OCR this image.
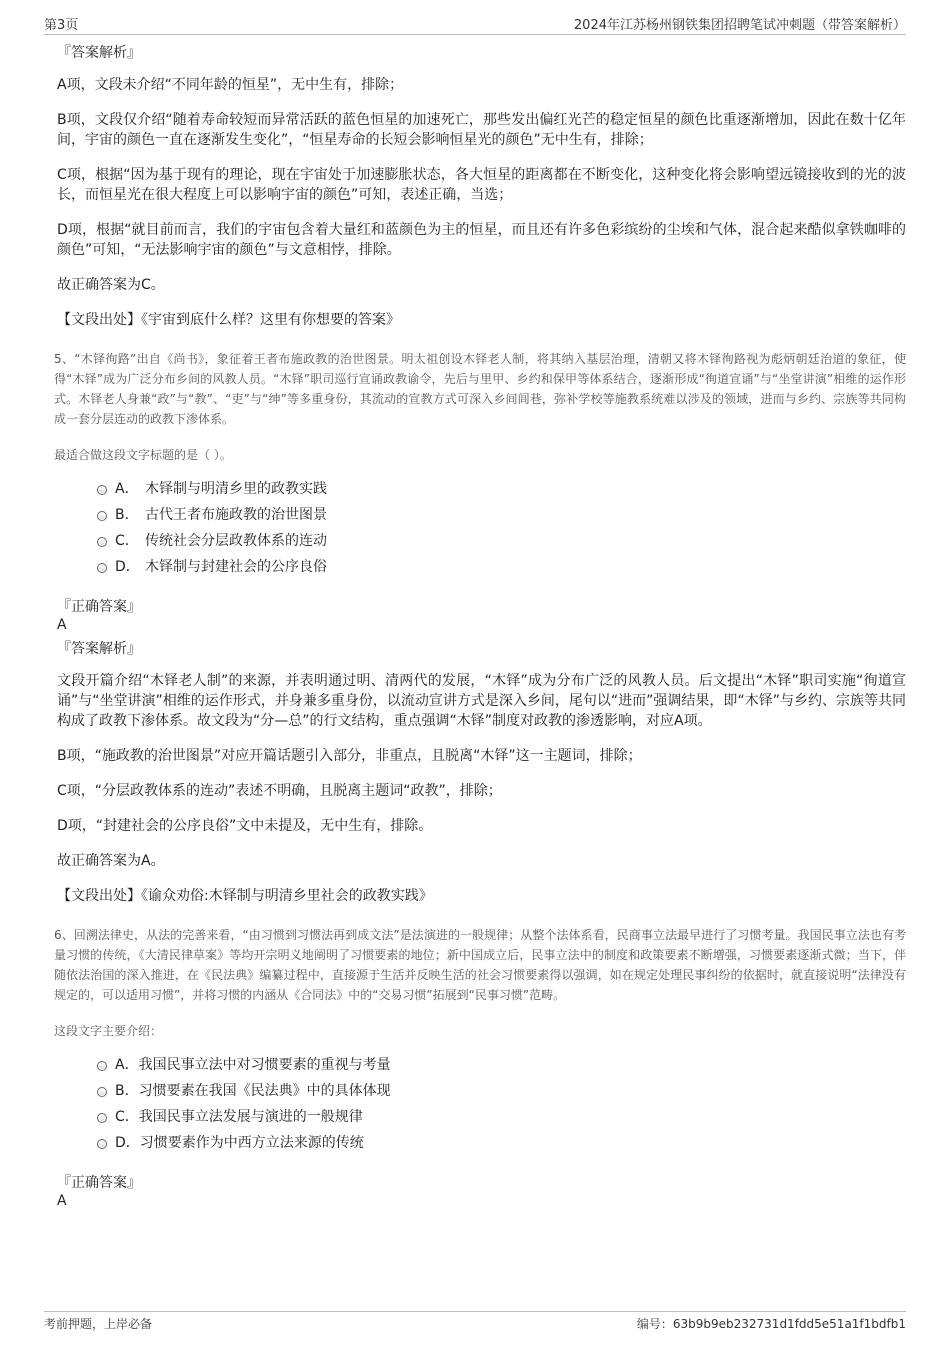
第3页	2024年江苏杨州钢铁集团招聘笔试冲刺题（带答案解析）

『答案解析』

A项，文段未介绍“不同年龄的恒星”，无中生有，排除；

B项，文段仅介绍“随着寿命较短而异常活跃的蓝色恒星的加速死亡，那些发出偏红光芒的稳定恒星的颜色比重逐渐增加，因此在数十亿年间，宇宙的颜色一直在逐渐发生变化”，“恒星寿命的长短会影响恒星光的颜色”无中生有，排除；

C项，根据“因为基于现有的理论，现在宇宙处于加速膨胀状态，各大恒星的距离都在不断变化，这种变化将会影响望远镜接收到的光的波长，而恒星光在很大程度上可以影响宇宙的颜色”可知，表述正确，当选；

D项，根据“就目前而言，我们的宇宙包含着大量红和蓝颜色为主的恒星，而且还有许多色彩缤纷的尘埃和气体，混合起来酷似拿铁咖啡的颜色”可知，“无法影响宇宙的颜色”与文意相悖，排除。

故正确答案为C。

【文段出处】《宇宙到底什么样？这里有你想要的答案》

5、“木铎徇路”出自《尚书》，象征着王者布施政教的治世图景。明太祖创设木铎老人制，将其纳入基层治理，清朝又将木铎徇路视为彪炳朝廷治道的象征，使得“木铎”成为广泛分布乡间的风教人员。“木铎”职司巡行宣诵政教谕令，先后与里甲、乡约和保甲等体系结合，逐渐形成“徇道宣诵”与“坐堂讲演”相维的运作形式。木铎老人身兼“政”与“教”、“吏”与“绅”等多重身份，其流动的宣教方式可深入乡间闾巷，弥补学校等施教系统难以涉及的领域，进而与乡约、宗族等共同构成一套分层连动的政教下渗体系。

最适合做这段文字标题的是（ ）。

A． 木铎制与明清乡里的政教实践
B． 古代王者布施政教的治世图景
C． 传统社会分层政教体系的连动
D． 木铎制与封建社会的公序良俗

『正确答案』

A

『答案解析』

文段开篇介绍“木铎老人制”的来源，并表明通过明、清两代的发展，“木铎”成为分布广泛的风教人员。后文提出“木铎”职司实施“徇道宣诵”与“坐堂讲演”相维的运作形式，并身兼多重身份，以流动宣讲方式是深入乡间，尾句以“进而”强调结果，即“木铎”与乡约、宗族等共同构成了政教下渗体系。故文段为“分—总”的行文结构，重点强调“木铎”制度对政教的渗透影响，对应A项。

B项，“施政教的治世图景”对应开篇话题引入部分，非重点，且脱离“木铎”这一主题词，排除；

C项，“分层政教体系的连动”表述不明确，且脱离主题词“政教”，排除；

D项，“封建社会的公序良俗”文中未提及，无中生有，排除。

故正确答案为A。

【文段出处】《谕众劝俗:木铎制与明清乡里社会的政教实践》

6、回溯法律史，从法的完善来看，“由习惯到习惯法再到成文法”是法演进的一般规律；从整个法体系看，民商事立法最早进行了习惯考量。我国民事立法也有考量习惯的传统，《大清民律草案》等均开宗明义地阐明了习惯要素的地位；新中国成立后，民事立法中的制度和政策要素不断增强，习惯要素逐渐式微；当下，伴随依法治国的深入推进，在《民法典》编纂过程中，直接源于生活并反映生活的社会习惯要素得以强调，如在规定处理民事纠纷的依据时，就直接说明“法律没有规定的，可以适用习惯”，并将习惯的内涵从《合同法》中的“交易习惯”拓展到“民事习惯”范畴。

这段文字主要介绍：

A．我国民事立法中对习惯要素的重视与考量
B．习惯要素在我国《民法典》中的具体体现
C．我国民事立法发展与演进的一般规律
D．习惯要素作为中西方立法来源的传统

『正确答案』

A

考前押题，上岸必备	编号：63b9b9eb232731d1fdd5e51a1f1bdfb1
